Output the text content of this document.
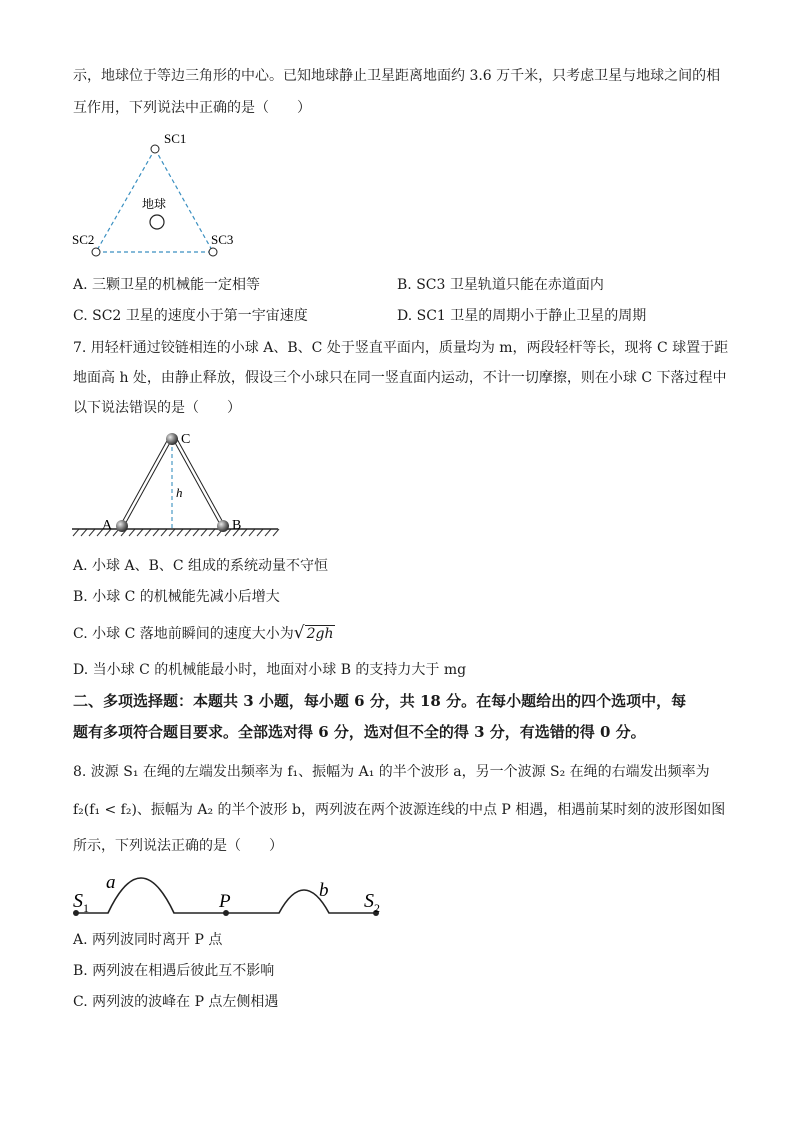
示，地球位于等边三角形的中心。已知地球静止卫星距离地面约 3.6 万千米，只考虑卫星与地球之间的相
互作用，下列说法中正确的是（　　）
SC1
SC2	SC3
地球
A. 三颗卫星的机械能一定相等	B. SC3 卫星轨道只能在赤道面内
C. SC2 卫星的速度小于第一宇宙速度	D. SC1 卫星的周期小于静止卫星的周期
7. 用轻杆通过铰链相连的小球 A、B、C 处于竖直平面内，质量均为 m，两段轻杆等长，现将 C 球置于距
地面高 h 处，由静止释放，假设三个小球只在同一竖直面内运动，不计一切摩擦，则在小球 C 下落过程中
以下说法错误的是（　　）
A	B
C
h
A. 小球 A、B、C 组成的系统动量不守恒
B. 小球 C 的机械能先减小后增大
C. 小球 C 落地前瞬间的速度大小为√ 2gh
D. 当小球 C 的机械能最小时，地面对小球 B 的支持力大于 mg
二、多项选择题：本题共 3 小题，每小题 6 分，共 18 分。在每小题给出的四个选项中，每
题有多项符合题目要求。全部选对得 6 分，选对但不全的得 3 分，有选错的得 0 分。
8. 波源 S₁ 在绳的左端发出频率为 f₁、振幅为 A₁ 的半个波形 a，另一个波源 S₂ 在绳的右端发出频率为
f₂(f₁ < f₂)、振幅为 A₂ 的半个波形 b，两列波在两个波源连线的中点 P 相遇，相遇前某时刻的波形图如图
所示，下列说法正确的是（　　）
$S_1$
a
P
b $S_2$
A. 两列波同时离开 P 点
B. 两列波在相遇后彼此互不影响
C. 两列波的波峰在 P 点左侧相遇
